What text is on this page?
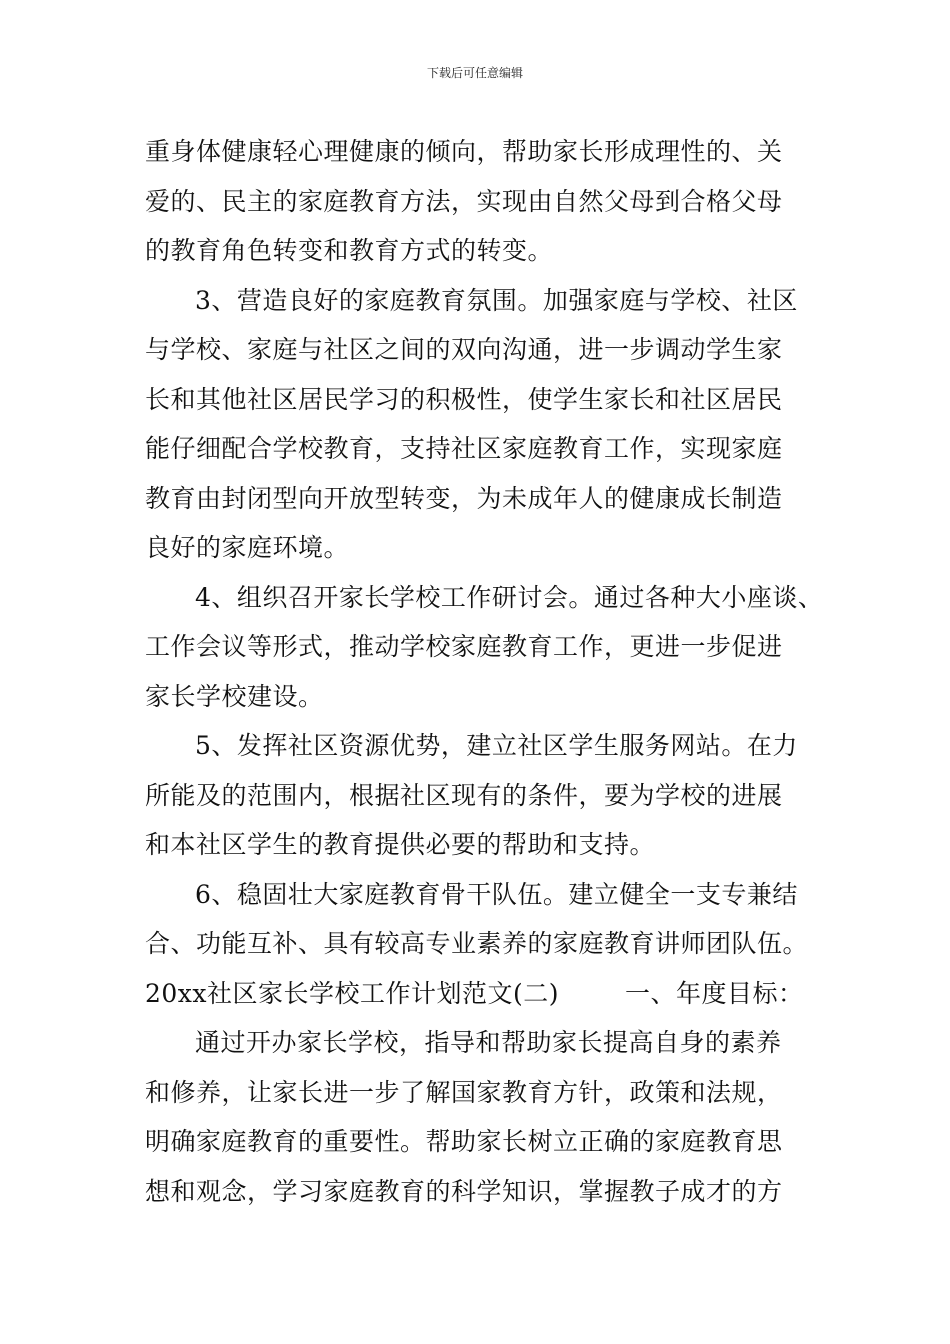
下载后可任意编辑
重身体健康轻心理健康的倾向，帮助家长形成理性的、关
爱的、民主的家庭教育方法，实现由自然父母到合格父母
的教育角色转变和教育方式的转变。
3、营造良好的家庭教育氛围。加强家庭与学校、社区
与学校、家庭与社区之间的双向沟通，进一步调动学生家
长和其他社区居民学习的积极性，使学生家长和社区居民
能仔细配合学校教育，支持社区家庭教育工作，实现家庭
教育由封闭型向开放型转变，为未成年人的健康成长制造
良好的家庭环境。
4、组织召开家长学校工作研讨会。通过各种大小座谈、
工作会议等形式，推动学校家庭教育工作，更进一步促进
家长学校建设。
5、发挥社区资源优势，建立社区学生服务网站。在力
所能及的范围内，根据社区现有的条件，要为学校的进展
和本社区学生的教育提供必要的帮助和支持。
6、稳固壮大家庭教育骨干队伍。建立健全一支专兼结
合、功能互补、具有较高专业素养的家庭教育讲师团队伍。
20xx社区家长学校工作计划范文(二)	一、年度目标：
通过开办家长学校，指导和帮助家长提高自身的素养
和修养，让家长进一步了解国家教育方针，政策和法规，
明确家庭教育的重要性。帮助家长树立正确的家庭教育思
想和观念，学习家庭教育的科学知识，掌握教子成才的方
